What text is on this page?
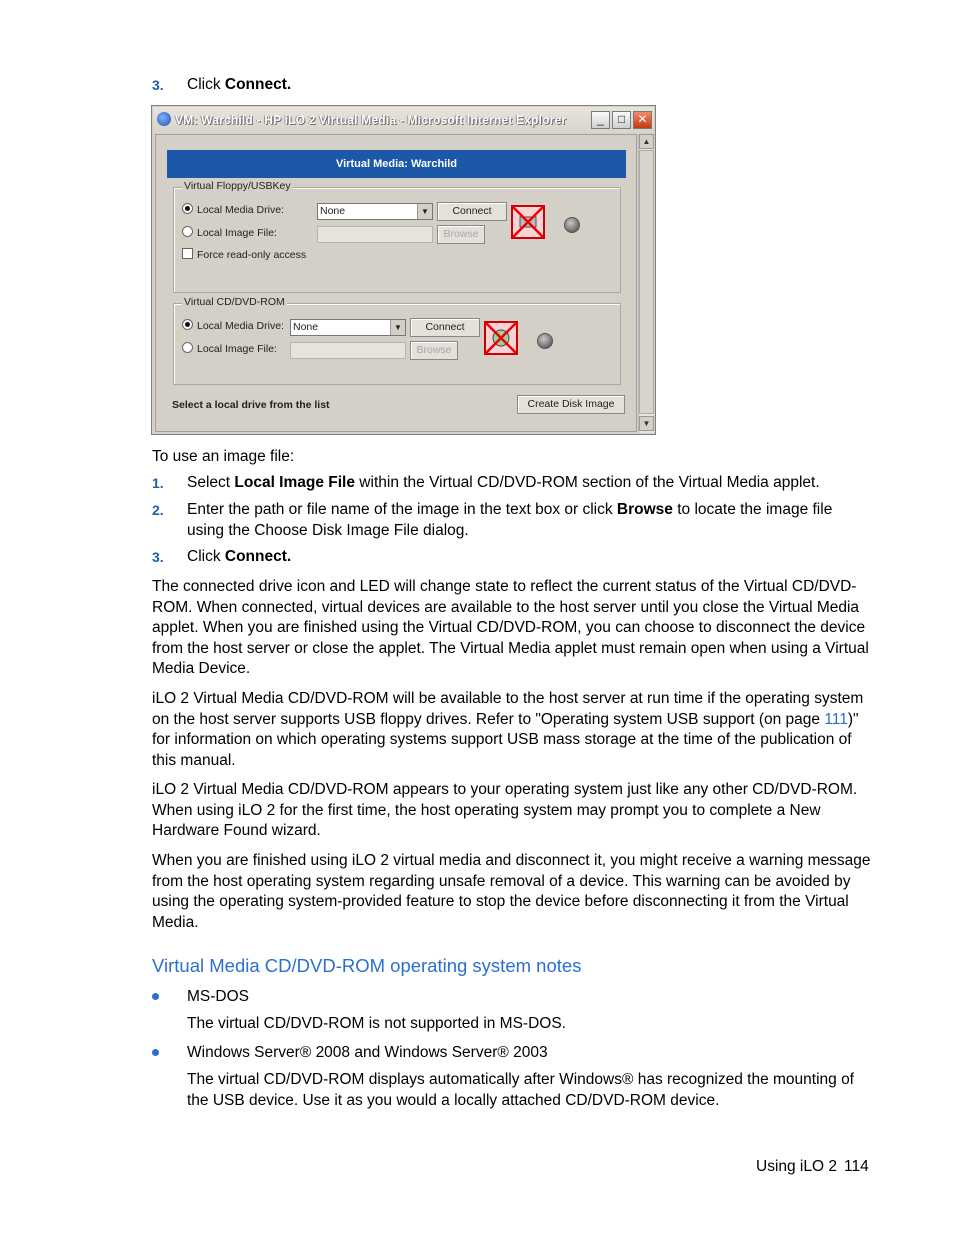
3. Click Connect.
VM: Warchild - HP iLO 2 Virtual Media - Microsoft Internet Explorer	_	□	✕
Virtual Media: Warchild
Virtual Floppy/USBKey
Local Media Drive:
Local Image File:
Force read-only access
None	▼	Connect
Browse
Virtual CD/DVD-ROM
Local Media Drive:
Local Image File:
None	▼	Connect
Browse
Select a local drive from the list	Create Disk Image
▲
▼
To use an image file:
1. Select Local Image File within the Virtual CD/DVD-ROM section of the Virtual Media applet.
2. Enter the path or file name of the image in the text box or click Browse to locate the image file using the Choose Disk Image File dialog.
3. Click Connect.
The connected drive icon and LED will change state to reflect the current status of the Virtual CD/DVD-ROM. When connected, virtual devices are available to the host server until you close the Virtual Media applet. When you are finished using the Virtual CD/DVD-ROM, you can choose to disconnect the device from the host server or close the applet. The Virtual Media applet must remain open when using a Virtual Media Device.
iLO 2 Virtual Media CD/DVD-ROM will be available to the host server at run time if the operating system on the host server supports USB floppy drives. Refer to "Operating system USB support (on page 111)" for information on which operating systems support USB mass storage at the time of the publication of this manual.
iLO 2 Virtual Media CD/DVD-ROM appears to your operating system just like any other CD/DVD-ROM. When using iLO 2 for the first time, the host operating system may prompt you to complete a New Hardware Found wizard.
When you are finished using iLO 2 virtual media and disconnect it, you might receive a warning message from the host operating system regarding unsafe removal of a device. This warning can be avoided by using the operating system-provided feature to stop the device before disconnecting it from the Virtual Media.
Virtual Media CD/DVD-ROM operating system notes
MS-DOS
The virtual CD/DVD-ROM is not supported in MS-DOS.
Windows Server® 2008 and Windows Server® 2003
The virtual CD/DVD-ROM displays automatically after Windows® has recognized the mounting of the USB device. Use it as you would a locally attached CD/DVD-ROM device.
Using iLO 2 114
